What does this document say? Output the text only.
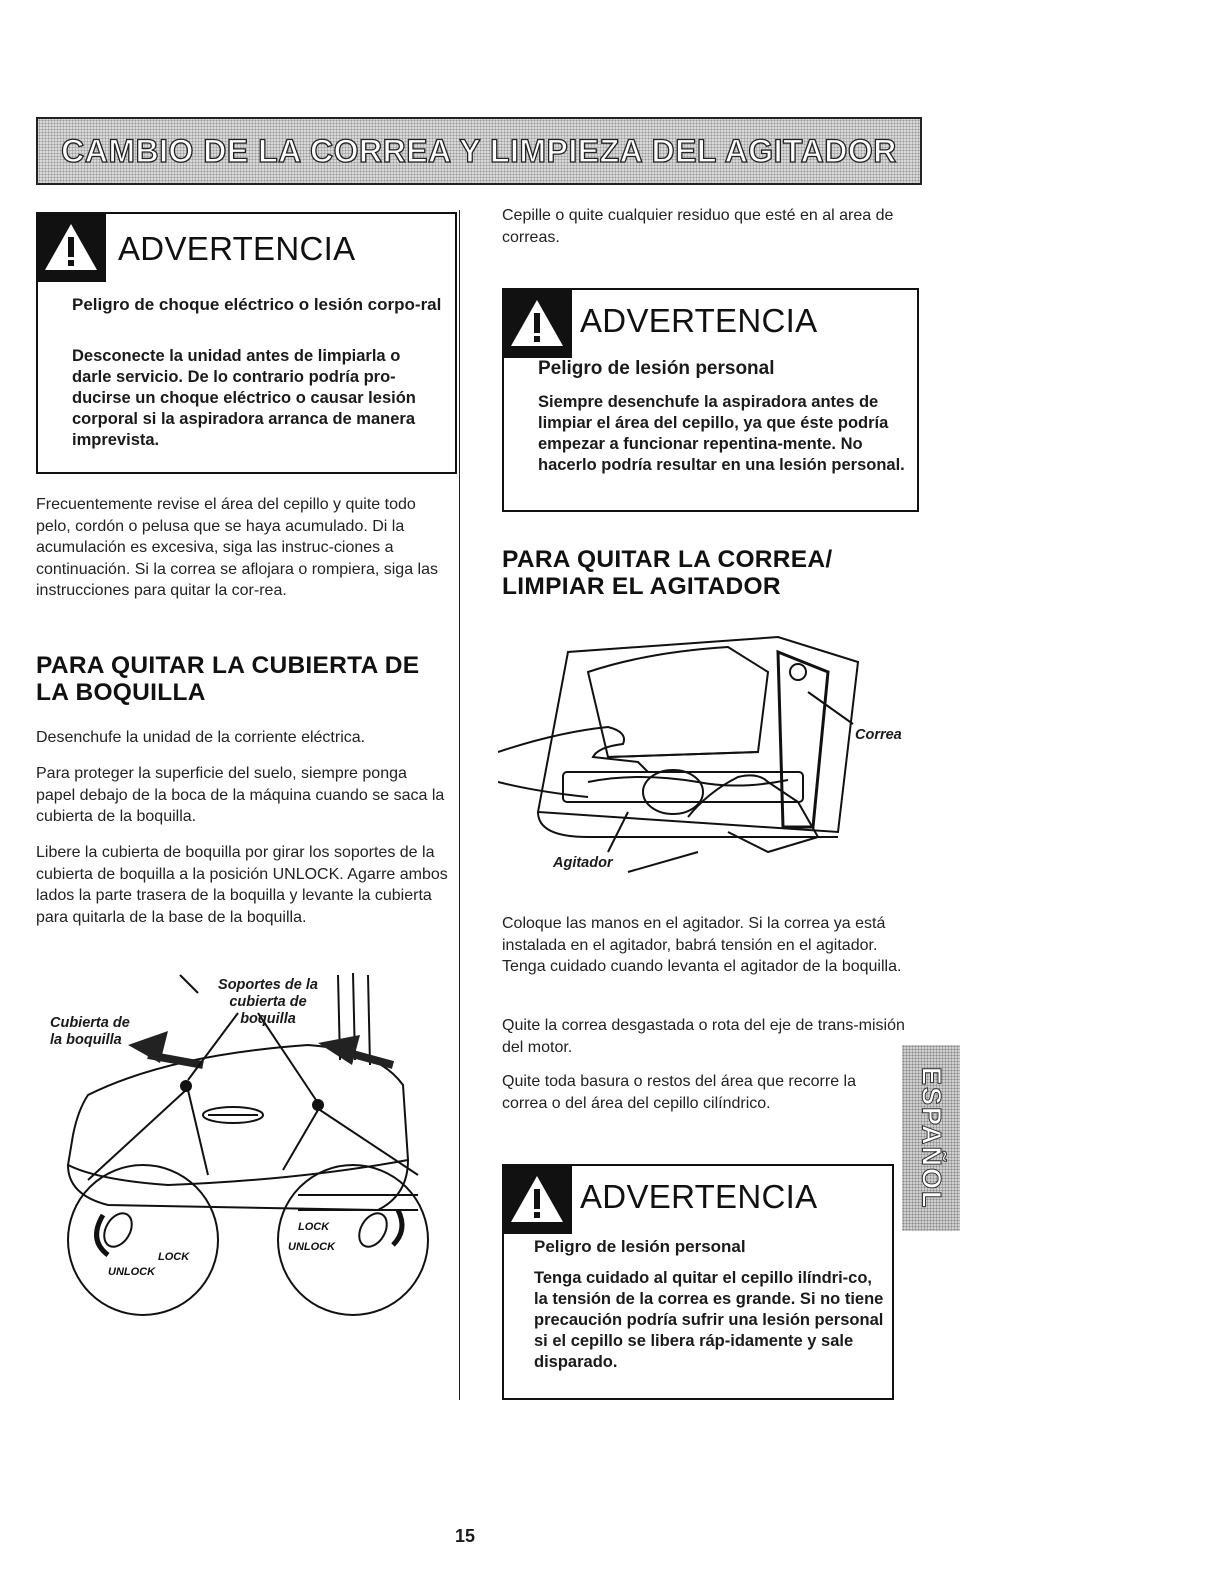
CAMBIO DE LA CORREA Y LIMPIEZA DEL AGITADOR
ADVERTENCIA
Peligro de choque eléctrico o lesión corpo-ral
Desconecte la unidad antes de limpiarla o darle servicio. De lo contrario podría pro-ducirse un choque eléctrico o causar lesión corporal si la aspiradora arranca de manera imprevista.
Frecuentemente revise el área del cepillo y quite todo pelo, cordón o pelusa que se haya acumulado. Di la acumulación es excesiva, siga las instruc-ciones a continuación. Si la correa se aflojara o rompiera, siga las instrucciones para quitar la cor-rea.
PARA QUITAR LA CUBIERTA DE LA BOQUILLA
Desenchufe la unidad de la corriente eléctrica.
Para proteger la superficie del suelo, siempre ponga papel debajo de la boca de la máquina cuando se saca la cubierta de la boquilla.
Libere la cubierta de boquilla por girar los soportes de la cubierta de boquilla a la posición UNLOCK. Agarre ambos lados la parte trasera de la boquilla y levante la cubierta para quitarla de la base de la boquilla.
LOCK
UNLOCK
LOCK
UNLOCK
Soportes de la cubierta de boquilla
Cubierta de la boquilla
Cepille o quite cualquier residuo que esté en al area de correas.
ADVERTENCIA
Peligro de lesión personal
Siempre desenchufe la aspiradora antes de limpiar el área del cepillo, ya que éste podría empezar a funcionar repentina-mente. No hacerlo podría resultar en una lesión personal.
PARA QUITAR LA CORREA/ LIMPIAR EL AGITADOR
Correa
Agitador
Coloque las manos en el agitador. Si la correa ya está instalada en el agitador, babrá tensión en el agitador. Tenga cuidado cuando levanta el agitador de la boquilla.
Quite la correa desgastada o rota del eje de trans-misión del motor.
Quite toda basura o restos del área que recorre la correa o del área del cepillo cilíndrico.	ESPAÑOL
ADVERTENCIA
Peligro de lesión personal
Tenga cuidado al quitar el cepillo ilíndri-co, la tensión de la correa es grande. Si no tiene precaución podría sufrir una lesión personal si el cepillo se libera ráp-idamente y sale disparado.
15
